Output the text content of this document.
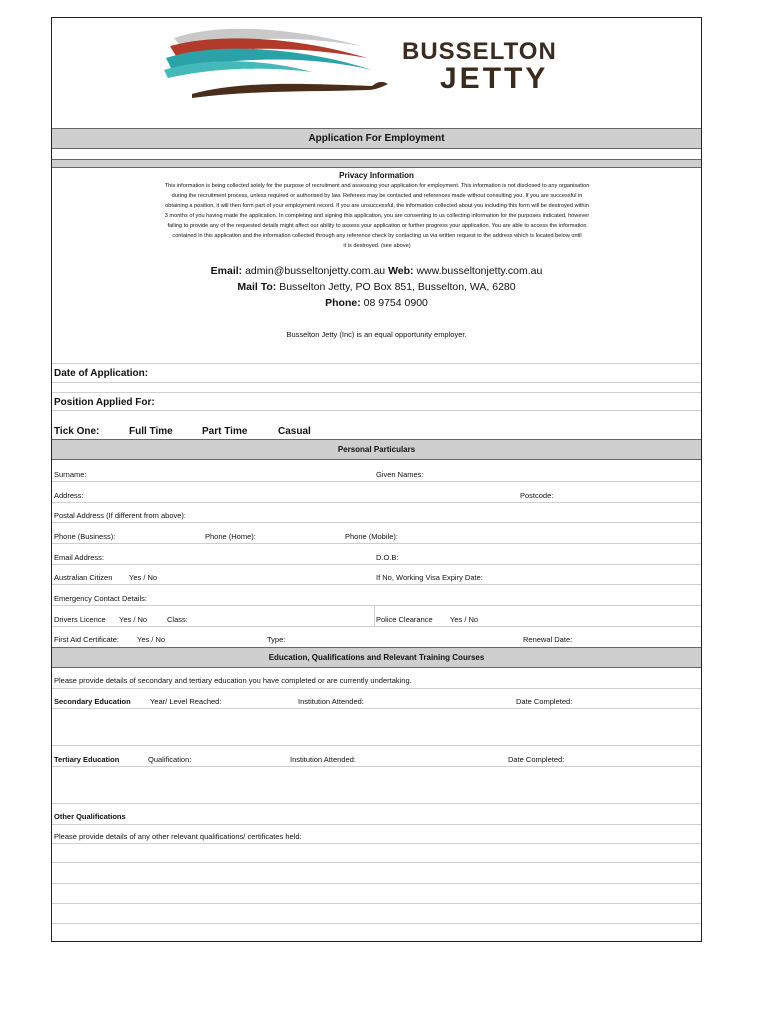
BUSSELTON
JETTY
Application For Employment
Privacy Information
This information is being collected solely for the purpose of recruitment and assessing your application for employment. This information is not disclosed to any organisation
during the recruitment process, unless required or authorised by law. Referees may be contacted and references made without consulting you. If you are successful in
obtaining a position, it will then form part of your employment record. If you are unsuccessful, the information collected about you including this form will be destroyed within
3 months of you having made the application. In completing and signing this application, you are consenting to us collecting information for the purposes indicated, however
failing to provide any of the requested details might affect our ability to assess your application or further progress your application. You are able to access the information
contained in this application and the information collected through any reference check by contacting us via written request to the address which is located below until
it is destroyed. (see above)
Email: admin@busseltonjetty.com.au Web: www.busseltonjetty.com.au
Mail To: Busselton Jetty, PO Box 851, Busselton, WA, 6280
Phone: 08 9754 0900
Busselton Jetty (Inc) is an equal opportunity employer.
Date of Application:
Position Applied For:
Tick One:	Full Time	Part Time	Casual
Personal Particulars
Surname:	Given Names:
Address:	Postcode:
Postal Address (If different from above):
Phone (Business):	Phone (Home):	Phone (Mobile):
Email Address:	D.O.B:
Australian Citizen Yes / No	If No, Working Visa Expiry Date:
Emergency Contact Details:
Drivers Licence Yes / No	Class:	Police Clearance Yes / No
First Aid Certificate: Yes / No	Type:	Renewal Date:
Education, Qualifications and Relevant Training Courses
Please provide details of secondary and tertiary education you have completed or are currently undertaking.
Secondary Education	Year/ Level Reached:	Institution Attended:	Date Completed:
Tertiary Education	Qualification:	Institution Attended:	Date Completed:
Other Qualifications
Please provide details of any other relevant qualifications/ certificates held:
